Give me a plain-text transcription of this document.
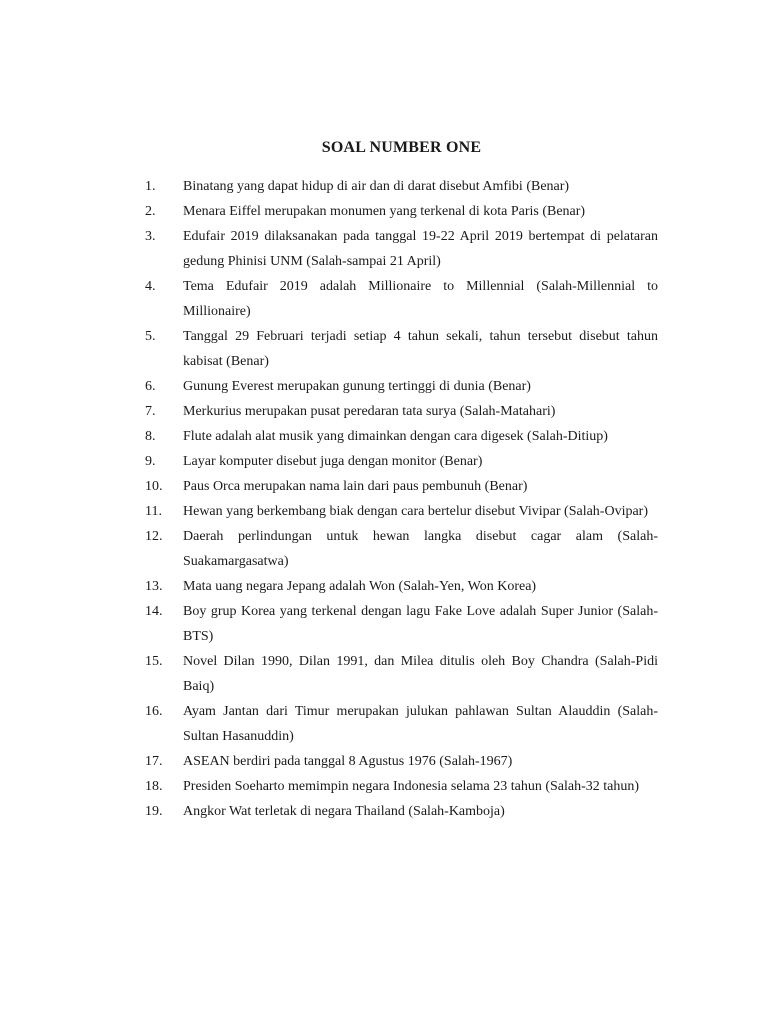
SOAL NUMBER ONE
1. Binatang yang dapat hidup di air dan di darat disebut Amfibi (Benar)
2. Menara Eiffel merupakan monumen yang terkenal di kota Paris (Benar)
3. Edufair 2019 dilaksanakan pada tanggal 19-22 April 2019 bertempat di pelataran gedung Phinisi UNM (Salah-sampai 21 April)
4. Tema Edufair 2019 adalah Millionaire to Millennial (Salah-Millennial to Millionaire)
5. Tanggal 29 Februari terjadi setiap 4 tahun sekali, tahun tersebut disebut tahun kabisat (Benar)
6. Gunung Everest merupakan gunung tertinggi di dunia (Benar)
7. Merkurius merupakan pusat peredaran tata surya (Salah-Matahari)
8. Flute adalah alat musik yang dimainkan dengan cara digesek (Salah-Ditiup)
9. Layar komputer disebut juga dengan monitor (Benar)
10. Paus Orca merupakan nama lain dari paus pembunuh (Benar)
11. Hewan yang berkembang biak dengan cara bertelur disebut Vivipar (Salah-Ovipar)
12. Daerah perlindungan untuk hewan langka disebut cagar alam (Salah-Suakamargasatwa)
13. Mata uang negara Jepang adalah Won (Salah-Yen, Won Korea)
14. Boy grup Korea yang terkenal dengan lagu Fake Love adalah Super Junior (Salah-BTS)
15. Novel Dilan 1990, Dilan 1991, dan Milea ditulis oleh Boy Chandra (Salah-Pidi Baiq)
16. Ayam Jantan dari Timur merupakan julukan pahlawan Sultan Alauddin (Salah-Sultan Hasanuddin)
17. ASEAN berdiri pada tanggal 8 Agustus 1976 (Salah-1967)
18. Presiden Soeharto memimpin negara Indonesia selama 23 tahun (Salah-32 tahun)
19. Angkor Wat terletak di negara Thailand (Salah-Kamboja)
